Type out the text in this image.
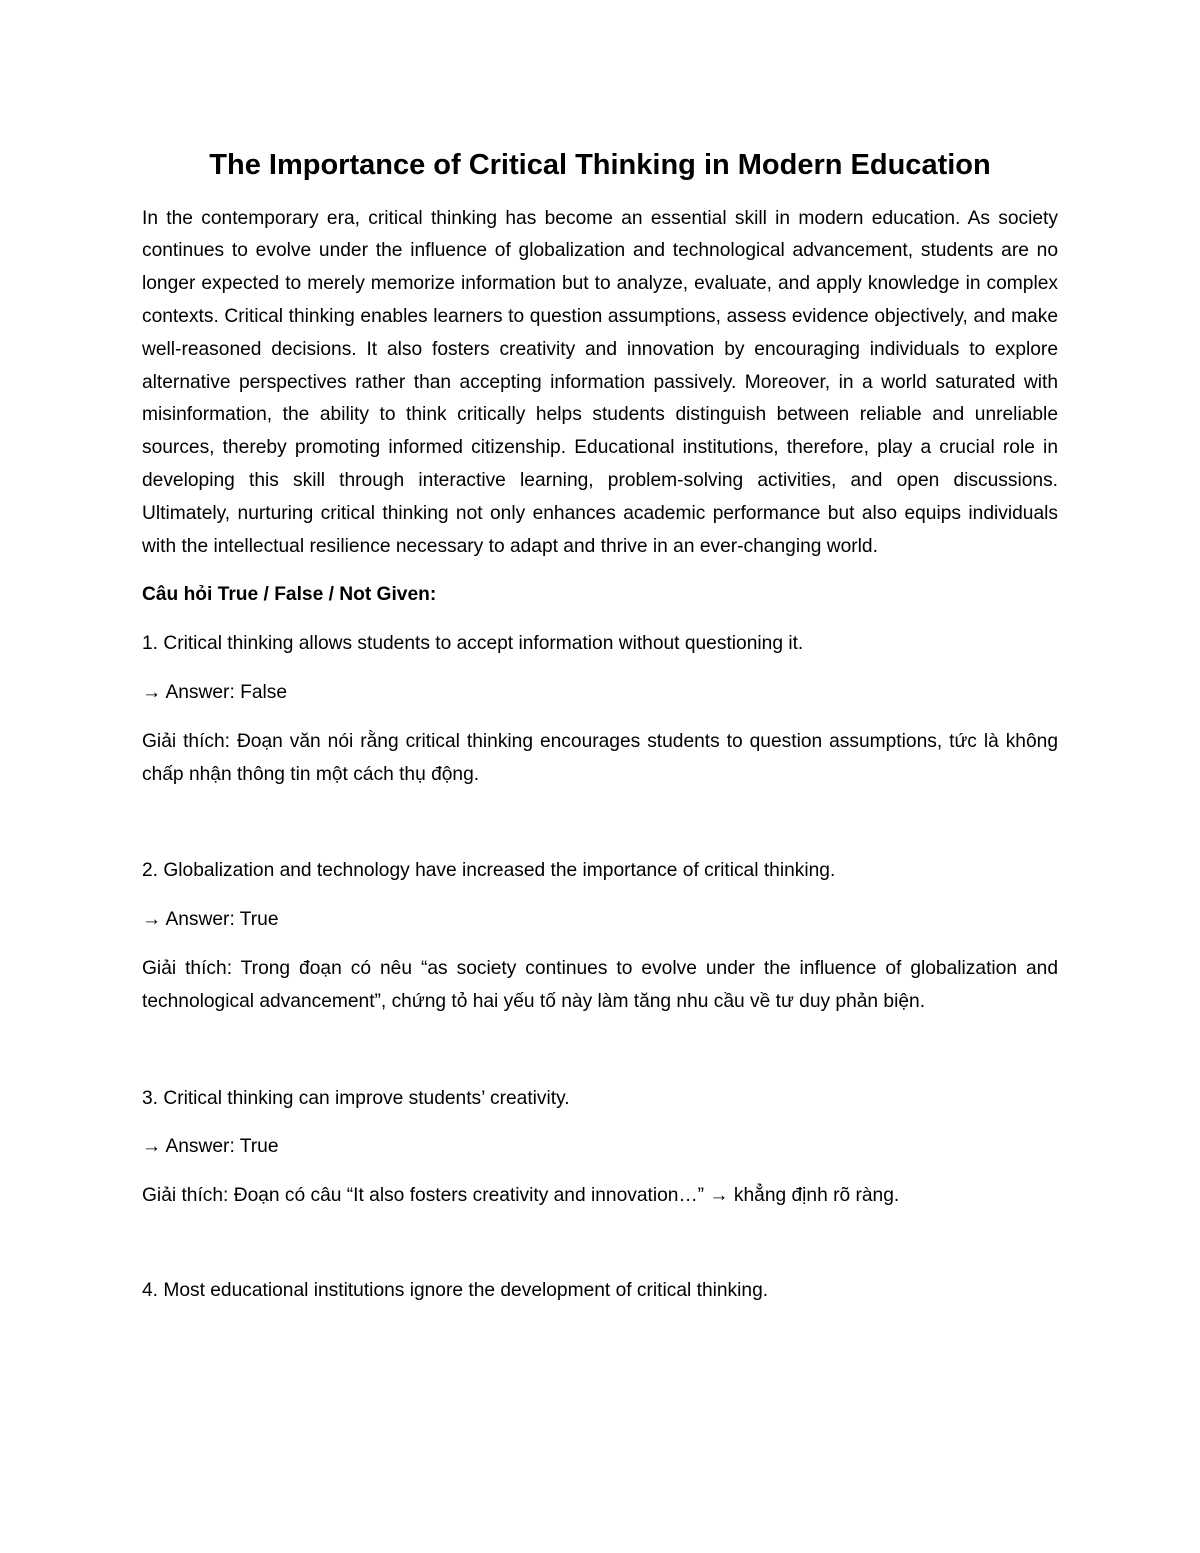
The Importance of Critical Thinking in Modern Education

In the contemporary era, critical thinking has become an essential skill in modern education. As society continues to evolve under the influence of globalization and technological advancement, students are no longer expected to merely memorize information but to analyze, evaluate, and apply knowledge in complex contexts. Critical thinking enables learners to question assumptions, assess evidence objectively, and make well-reasoned decisions. It also fosters creativity and innovation by encouraging individuals to explore alternative perspectives rather than accepting information passively. Moreover, in a world saturated with misinformation, the ability to think critically helps students distinguish between reliable and unreliable sources, thereby promoting informed citizenship. Educational institutions, therefore, play a crucial role in developing this skill through interactive learning, problem-solving activities, and open discussions. Ultimately, nurturing critical thinking not only enhances academic performance but also equips individuals with the intellectual resilience necessary to adapt and thrive in an ever-changing world.

Câu hỏi True / False / Not Given:

1. Critical thinking allows students to accept information without questioning it.

→ Answer: False

Giải thích: Đoạn văn nói rằng critical thinking encourages students to question assumptions, tức là không chấp nhận thông tin một cách thụ động.

2. Globalization and technology have increased the importance of critical thinking.

→ Answer: True

Giải thích: Trong đoạn có nêu “as society continues to evolve under the influence of globalization and technological advancement”, chứng tỏ hai yếu tố này làm tăng nhu cầu về tư duy phản biện.

3. Critical thinking can improve students’ creativity.

→ Answer: True

Giải thích: Đoạn có câu “It also fosters creativity and innovation…” → khẳng định rõ ràng.

4. Most educational institutions ignore the development of critical thinking.
